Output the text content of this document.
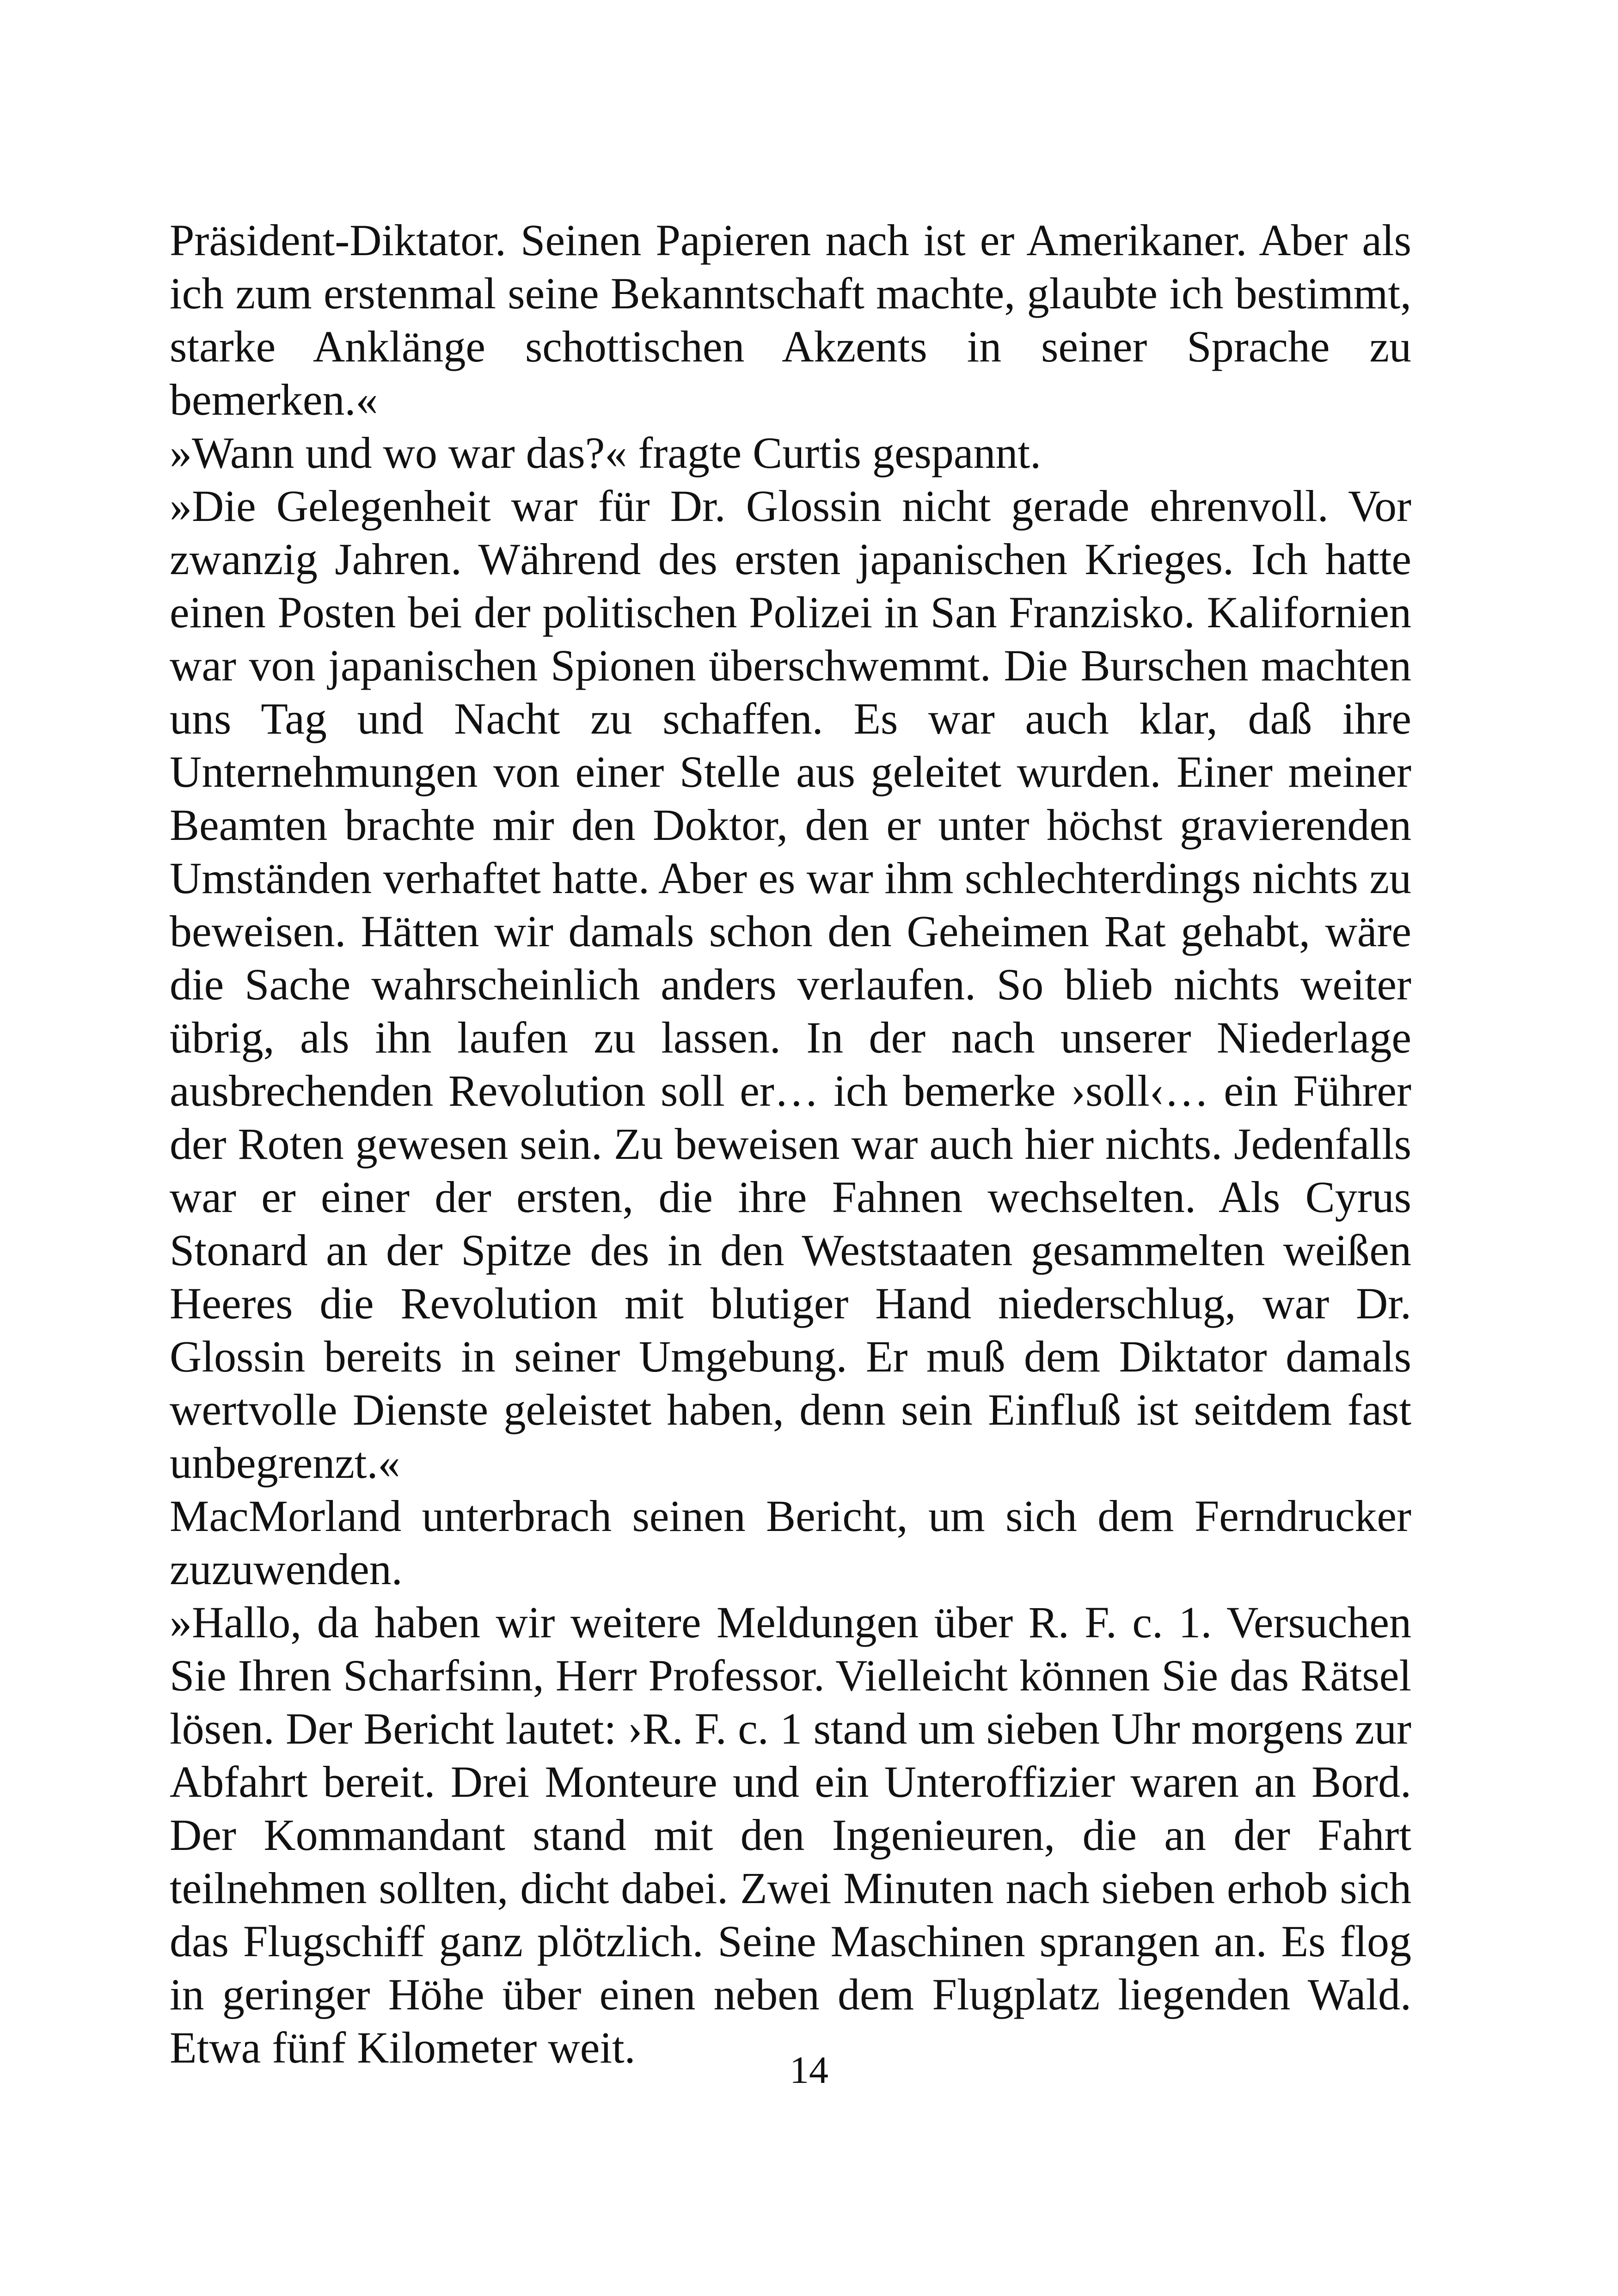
Präsident-Diktator. Seinen Papieren nach ist er Amerikaner. Aber als ich zum erstenmal seine Bekanntschaft machte, glaubte ich bestimmt, starke Anklänge schottischen Akzents in seiner Sprache zu bemerken.«

»Wann und wo war das?« fragte Curtis gespannt.

»Die Gelegenheit war für Dr. Glossin nicht gerade ehrenvoll. Vor zwanzig Jahren. Während des ersten japanischen Krieges. Ich hatte einen Posten bei der politischen Polizei in San Franzisko. Kalifornien war von japanischen Spionen überschwemmt. Die Burschen machten uns Tag und Nacht zu schaffen. Es war auch klar, daß ihre Unternehmungen von einer Stelle aus geleitet wurden. Einer meiner Beamten brachte mir den Doktor, den er unter höchst gravierenden Umständen verhaftet hatte. Aber es war ihm schlechterdings nichts zu beweisen. Hätten wir damals schon den Geheimen Rat gehabt, wäre die Sache wahrscheinlich anders verlaufen. So blieb nichts weiter übrig, als ihn laufen zu lassen. In der nach unserer Niederlage ausbrechenden Revolution soll er… ich bemerke ›soll‹… ein Führer der Roten gewesen sein. Zu beweisen war auch hier nichts. Jedenfalls war er einer der ersten, die ihre Fahnen wechselten. Als Cyrus Stonard an der Spitze des in den Weststaaten gesammelten weißen Heeres die Revolution mit blutiger Hand niederschlug, war Dr. Glossin bereits in seiner Umgebung. Er muß dem Diktator damals wertvolle Dienste geleistet haben, denn sein Einfluß ist seitdem fast unbegrenzt.«

MacMorland unterbrach seinen Bericht, um sich dem Ferndrucker zuzuwenden.

»Hallo, da haben wir weitere Meldungen über R. F. c. 1. Versuchen Sie Ihren Scharfsinn, Herr Professor. Vielleicht können Sie das Rätsel lösen. Der Bericht lautet: ›R. F. c. 1 stand um sieben Uhr morgens zur Abfahrt bereit. Drei Monteure und ein Unteroffizier waren an Bord. Der Kommandant stand mit den Ingenieuren, die an der Fahrt teilnehmen sollten, dicht dabei. Zwei Minuten nach sieben erhob sich das Flugschiff ganz plötzlich. Seine Maschinen sprangen an. Es flog in geringer Höhe über einen neben dem Flugplatz liegenden Wald. Etwa fünf Kilometer weit.	14
